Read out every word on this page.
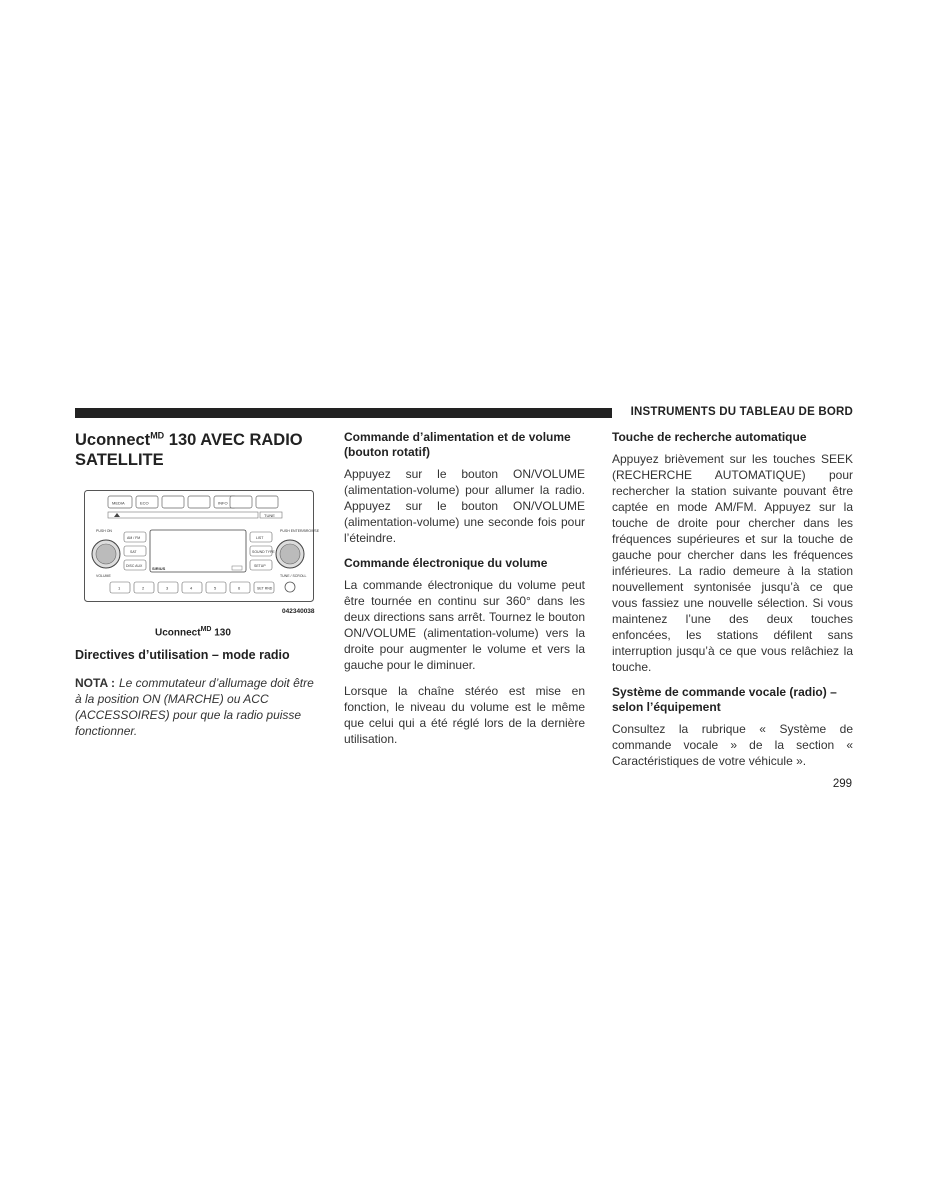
INSTRUMENTS DU TABLEAU DE BORD
Uconnect$^{MD}$ 130 AVEC RADIO SATELLITE
MEDIA	ECO	INFO
TUNE
PUSH ON
VOLUME
PUSH ENTER/BROWSE
TUNE / SCROLL
AM / FM
SAT
DISC AUX
LIST
SOUND TYPE
SETUP
SIRIUS
1	2	3	4	5	6	SET RND
042340038
Uconnect$^{MD}$ 130
Directives d’utilisation – mode radio

NOTA : Le commutateur d’allumage doit être à la position ON (MARCHE) ou ACC (ACCESSOIRES) pour que la radio puisse fonctionner.

Commande d’alimentation et de volume (bouton rotatif)

Appuyez sur le bouton ON/VOLUME (alimentation-volume) pour allumer la radio. Appuyez sur le bouton ON/VOLUME (alimentation-volume) une seconde fois pour l’éteindre.

Commande électronique du volume

La commande électronique du volume peut être tournée en continu sur 360° dans les deux directions sans arrêt. Tournez le bouton ON/VOLUME (alimentation-volume) vers la droite pour augmenter le volume et vers la gauche pour le diminuer.

Lorsque la chaîne stéréo est mise en fonction, le niveau du volume est le même que celui qui a été réglé lors de la dernière utilisation.

Touche de recherche automatique

Appuyez brièvement sur les touches SEEK (RECHERCHE AUTOMATIQUE) pour rechercher la station suivante pouvant être captée en mode AM/FM. Appuyez sur la touche de droite pour chercher dans les fréquences supérieures et sur la touche de gauche pour chercher dans les fréquences inférieures. La radio demeure à la station nouvellement syntonisée jusqu’à ce que vous fassiez une nouvelle sélection. Si vous maintenez l’une des deux touches enfoncées, les stations défilent sans interruption jusqu’à ce que vous relâchiez la touche.

Système de commande vocale (radio) – selon l’équipement

Consultez la rubrique « Système de commande vocale » de la section « Caractéristiques de votre véhicule ».

299
